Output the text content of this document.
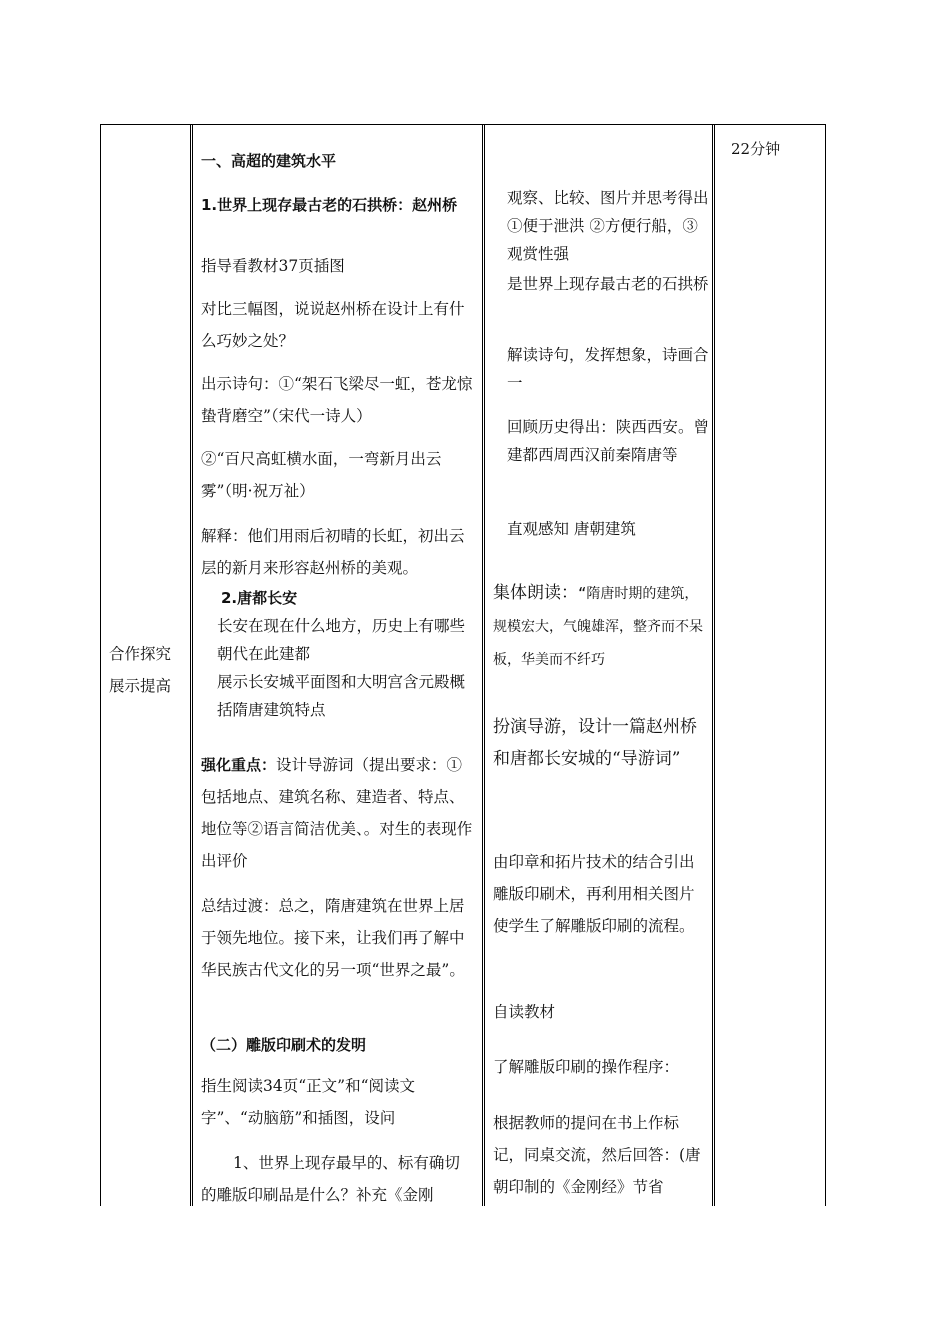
合作探究展示提高

一、高超的建筑水平

1.世界上现存最古老的石拱桥：赵州桥

指导看教材37页插图

对比三幅图，说说赵州桥在设计上有什么巧妙之处？

出示诗句：①“架石飞梁尽一虹，苍龙惊蛰背磨空”（宋代一诗人）

②“百尺高虹横水面，一弯新月出云雾”（明·祝万祉）

解释：他们用雨后初晴的长虹，初出云层的新月来形容赵州桥的美观。

2.唐都长安

长安在现在什么地方，历史上有哪些朝代在此建都

展示长安城平面图和大明宫含元殿概括隋唐建筑特点

强化重点：设计导游词（提出要求：①包括地点、建筑名称、建造者、特点、地位等②语言简洁优美、。对生的表现作出评价

总结过渡：总之，隋唐建筑在世界上居于领先地位。接下来，让我们再了解中华民族古代文化的另一项“世界之最”。

（二）雕版印刷术的发明

指生阅读34页“正文”和“阅读文字”、“动脑筋”和插图，设问

1、世界上现存最早的、标有确切的雕版印刷品是什么？补充《金刚

观察、比较、图片并思考得出①便于泄洪 ②方便行船，③观赏性强

是世界上现存最古老的石拱桥

解读诗句，发挥想象，诗画合一

回顾历史得出：陕西西安。曾建都西周西汉前秦隋唐等

直观感知 唐朝建筑

集体朗读：“隋唐时期的建筑，规模宏大，气魄雄浑，整齐而不呆板，华美而不纤巧

扮演导游，设计一篇赵州桥和唐都长安城的“导游词”

由印章和拓片技术的结合引出雕版印刷术，再利用相关图片使学生了解雕版印刷的流程。

自读教材

了解雕版印刷的操作程序：

根据教师的提问在书上作标记，同桌交流，然后回答：(唐朝印制的《金刚经》节省

22分钟
